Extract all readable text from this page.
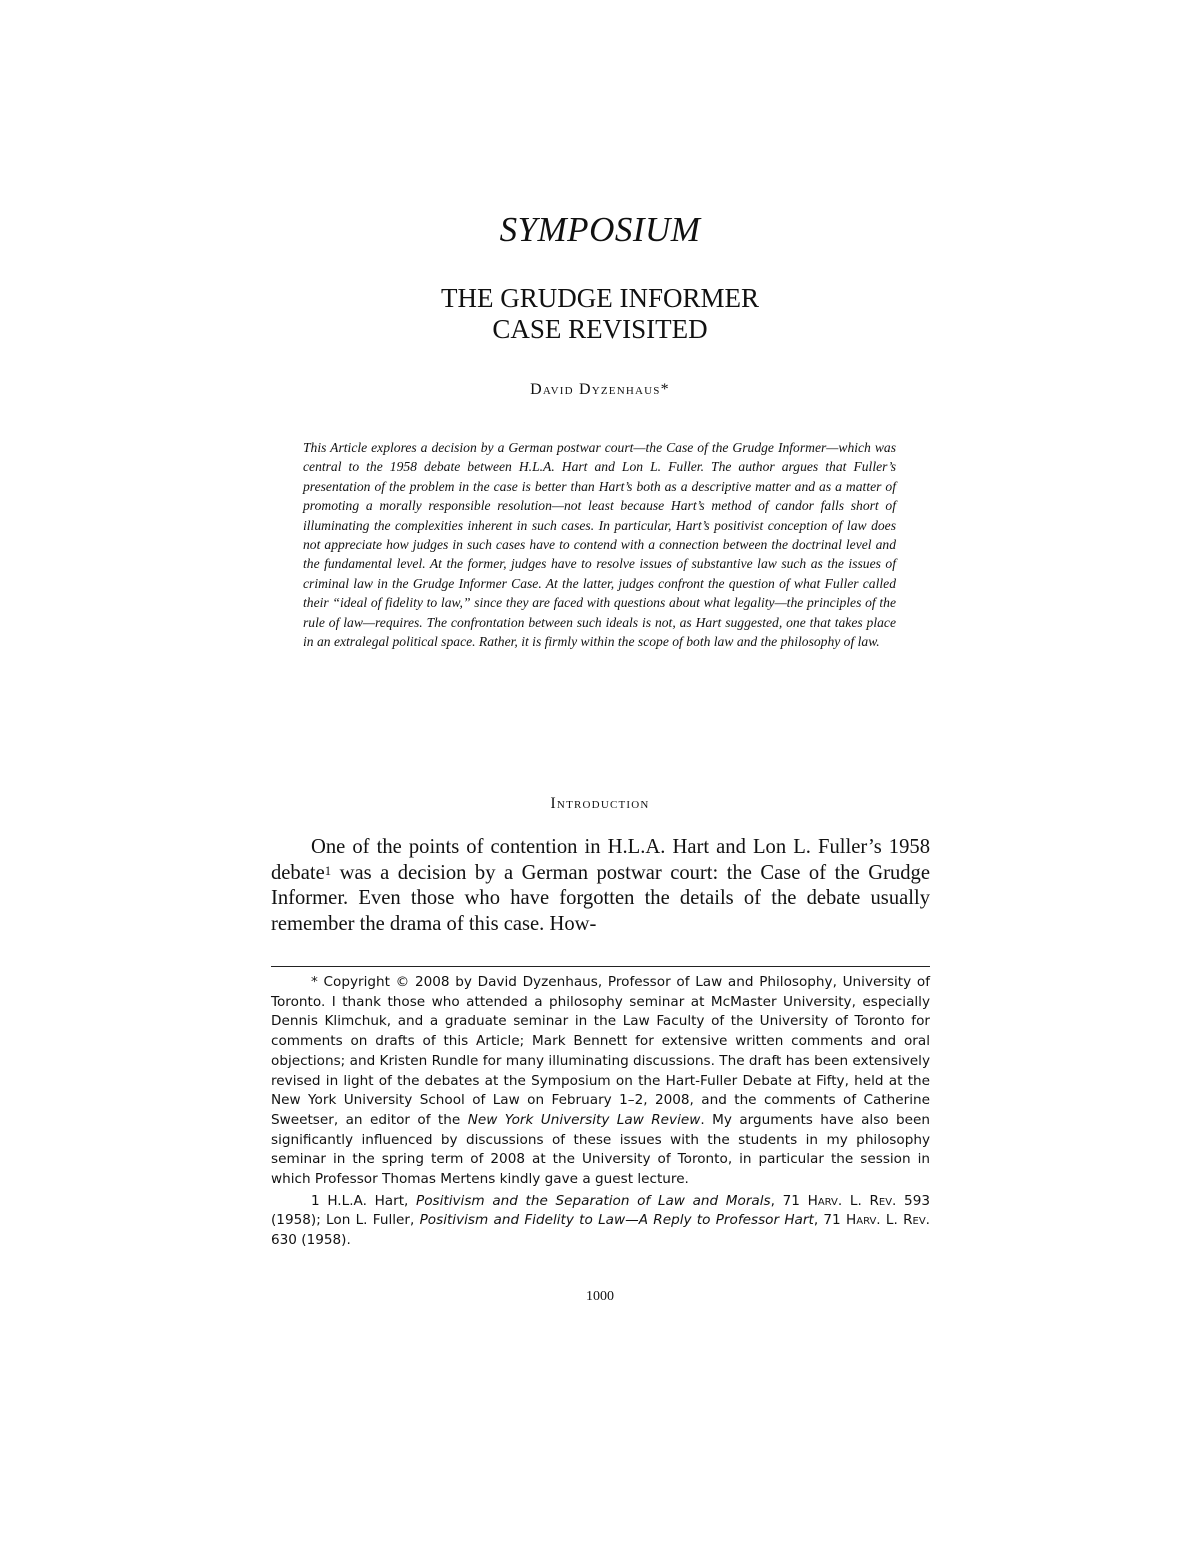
SYMPOSIUM
THE GRUDGE INFORMER
CASE REVISITED

David Dyzenhaus*

This Article explores a decision by a German postwar court—the Case of the Grudge Informer—which was central to the 1958 debate between H.L.A. Hart and Lon L. Fuller. The author argues that Fuller’s presentation of the problem in the case is better than Hart’s both as a descriptive matter and as a matter of promoting a morally responsible resolution—not least because Hart’s method of candor falls short of illuminating the complexities inherent in such cases. In particular, Hart’s positivist conception of law does not appreciate how judges in such cases have to contend with a connection between the doctrinal level and the fundamental level. At the former, judges have to resolve issues of substantive law such as the issues of criminal law in the Grudge Informer Case. At the latter, judges confront the question of what Fuller called their “ideal of fidelity to law,” since they are faced with questions about what legality—the principles of the rule of law—requires. The confrontation between such ideals is not, as Hart suggested, one that takes place in an extralegal political space. Rather, it is firmly within the scope of both law and the philosophy of law.

Introduction

One of the points of contention in H.L.A. Hart and Lon L. Fuller’s 1958 debate$^1$ was a decision by a German postwar court: the Case of the Grudge Informer. Even those who have forgotten the details of the debate usually remember the drama of this case. How-

* Copyright © 2008 by David Dyzenhaus, Professor of Law and Philosophy, University of Toronto. I thank those who attended a philosophy seminar at McMaster University, especially Dennis Klimchuk, and a graduate seminar in the Law Faculty of the University of Toronto for comments on drafts of this Article; Mark Bennett for extensive written comments and oral objections; and Kristen Rundle for many illuminating discussions. The draft has been extensively revised in light of the debates at the Symposium on the Hart-Fuller Debate at Fifty, held at the New York University School of Law on February 1–2, 2008, and the comments of Catherine Sweetser, an editor of the New York University Law Review. My arguments have also been significantly influenced by discussions of these issues with the students in my philosophy seminar in the spring term of 2008 at the University of Toronto, in particular the session in which Professor Thomas Mertens kindly gave a guest lecture.

1 H.L.A. Hart, Positivism and the Separation of Law and Morals, 71 Harv. L. Rev. 593 (1958); Lon L. Fuller, Positivism and Fidelity to Law—A Reply to Professor Hart, 71 Harv. L. Rev. 630 (1958).

1000
